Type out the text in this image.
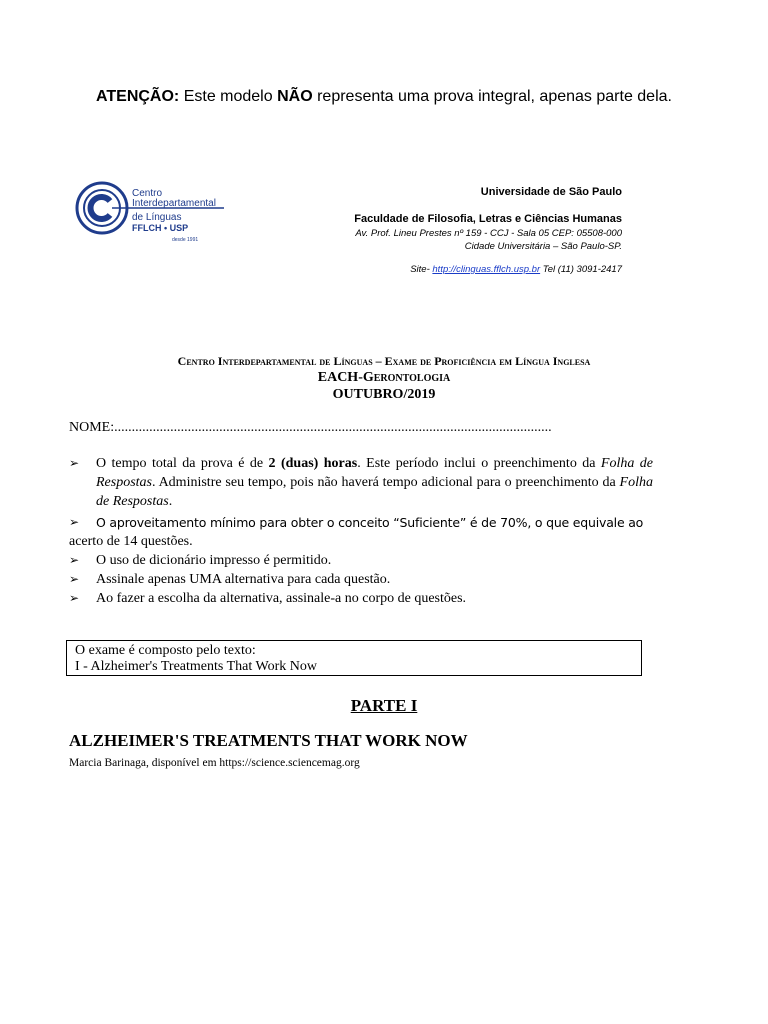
ATENÇÃO: Este modelo NÃO representa uma prova integral, apenas parte dela.
Centro
Interdepartamental
de Línguas
FFLCH • USP
desde 1991
Universidade de São Paulo
Faculdade de Filosofia, Letras e Ciências Humanas
Av. Prof. Lineu Prestes nº 159 - CCJ - Sala 05 CEP: 05508-000
Cidade Universitária – São Paulo-SP.
Site- http://clinguas.fflch.usp.br Tel (11) 3091-2417
Centro Interdepartamental de Línguas – Exame de Proficiência em Língua Inglesa
EACH-Gerontologia
OUTUBRO/2019
NOME:.............................................................................................................................
➢ O tempo total da prova é de 2 (duas) horas. Este período inclui o preenchimento da Folha de Respostas. Administre seu tempo, pois não haverá tempo adicional para o preenchimento da Folha de Respostas.
➢ O aproveitamento mínimo para obter o conceito “Suficiente” é de 70%, o que equivale ao
acerto de 14 questões.
➢ O uso de dicionário impresso é permitido.
➢ Assinale apenas UMA alternativa para cada questão.
➢ Ao fazer a escolha da alternativa, assinale-a no corpo de questões.
O exame é composto pelo texto:
I - Alzheimer's Treatments That Work Now
PARTE I
ALZHEIMER'S TREATMENTS THAT WORK NOW
Marcia Barinaga, disponível em https://science.sciencemag.org
